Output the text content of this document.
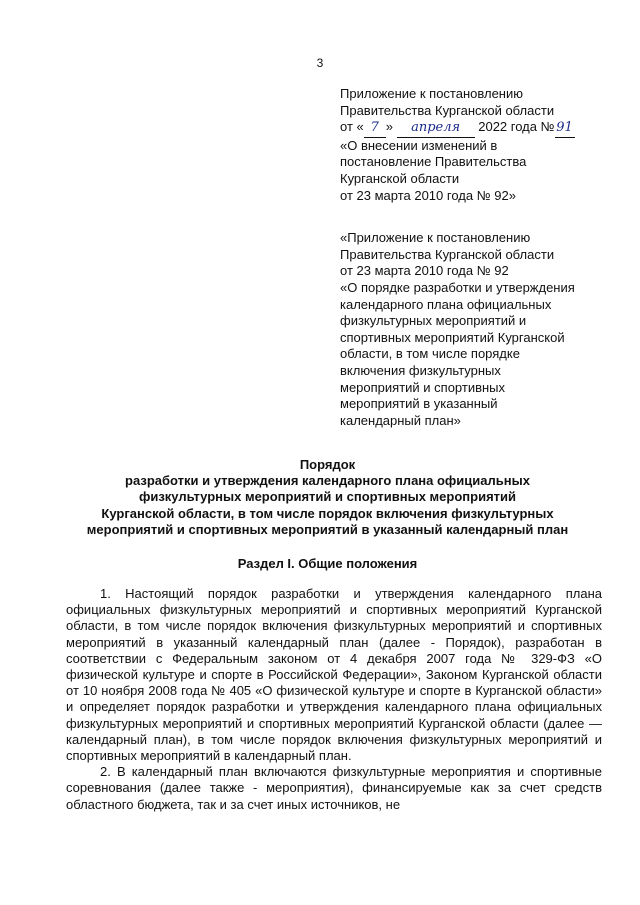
3

Приложение к постановлению

Правительства Курганской области

от « 7 » апреля 2022 года № 91

«О внесении изменений в

постановление Правительства

Курганской области

от 23 марта 2010 года № 92»

«Приложение к постановлению

Правительства Курганской области

от 23 марта 2010 года № 92

«О порядке разработки и утверждения

календарного плана официальных

физкультурных мероприятий и

спортивных мероприятий Курганской

области, в том числе порядке

включения физкультурных

мероприятий и спортивных

мероприятий в указанный

календарный план»

Порядок

разработки и утверждения календарного плана официальных

физкультурных мероприятий и спортивных мероприятий

Курганской области, в том числе порядок включения физкультурных

мероприятий и спортивных мероприятий в указанный календарный план

Раздел I. Общие положения

1. Настоящий порядок разработки и утверждения календарного плана официальных физкультурных мероприятий и спортивных мероприятий Курганской области, в том числе порядок включения физкультурных мероприятий и спортивных мероприятий в указанный календарный план (далее - Порядок), разработан в соответствии с Федеральным законом от 4 декабря 2007 года № 329-ФЗ «О физической культуре и спорте в Российской Федерации», Законом Курганской области от 10 ноября 2008 года № 405 «О физической культуре и спорте в Курганской области» и определяет порядок разработки и утверждения календарного плана официальных физкультурных мероприятий и спортивных мероприятий Курганской области (далее — календарный план), в том числе порядок включения физкультурных мероприятий и спортивных мероприятий в календарный план.

2. В календарный план включаются физкультурные мероприятия и спортивные соревнования (далее также - мероприятия), финансируемые как за счет средств областного бюджета, так и за счет иных источников, не
